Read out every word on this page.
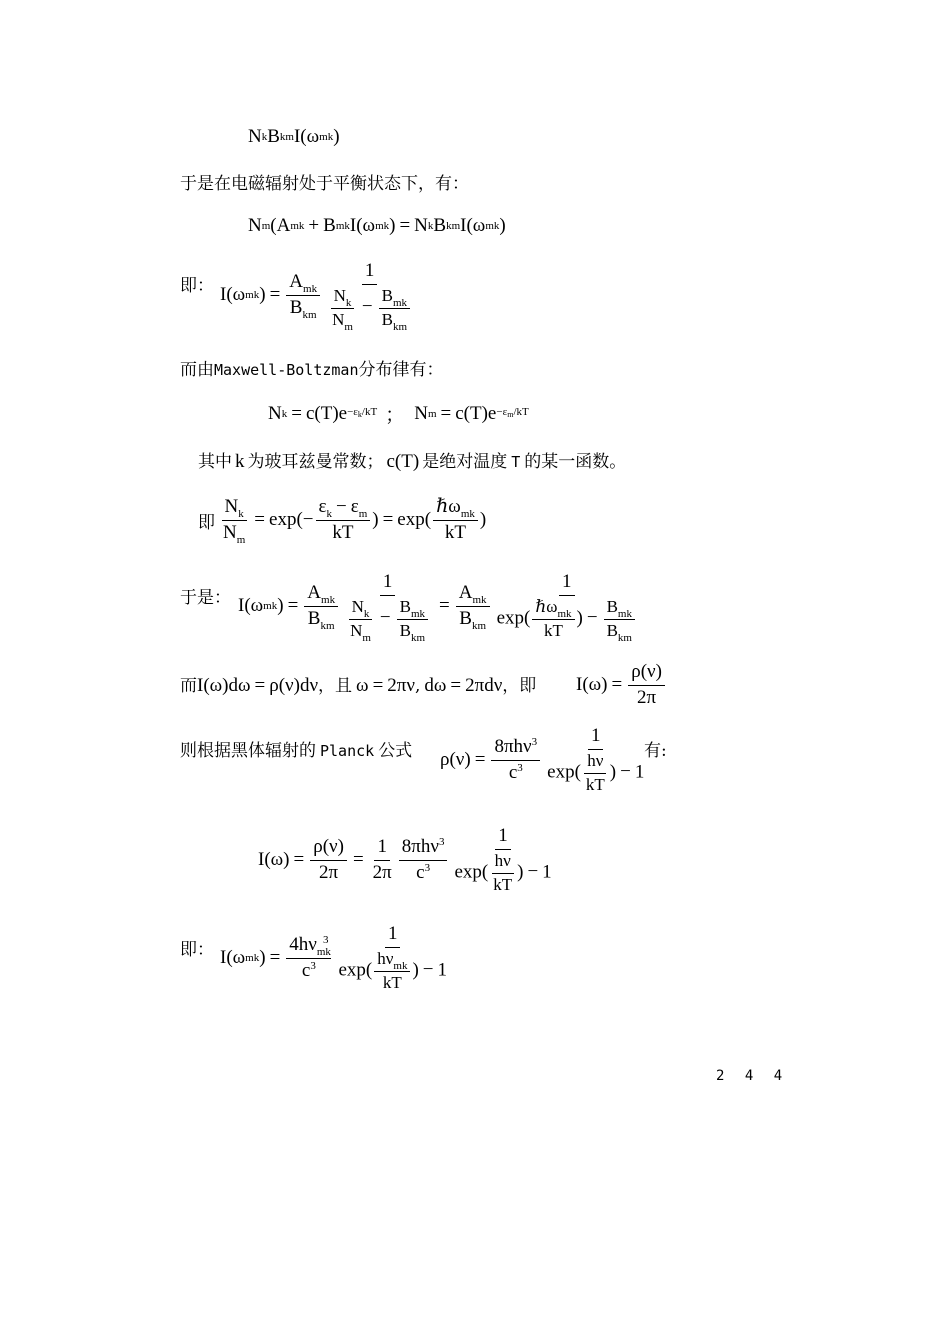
N k B km I(ω mk )
于是在电磁辐射处于平衡状态下，有：
N m (A mk + B mk I(ω mk ) = N k B km I(ω mk )
即： I(ω mk ) = $\frac{A_{mk}}{B_{km}} \frac{1}{\frac{N_k}{N_m} - \frac{B_{mk}}{B_{km}}}$
而由Maxwell-Boltzman分布律有：
N $k = c(T)e -\varepsilon_k/kT$ ； N $m = c(T)e -\varepsilon_m/kT$
其中 k 为玻耳兹曼常数； c(T) 是绝对温度 T 的某一函数。
即 $\frac{N_k}{N_m} = \exp(- \frac{\varepsilon_k - \varepsilon_m}{kT}$ ) = $\exp( \frac{\hbar\omega_{mk}}{kT}$ )
于是： I(ω mk ) = $\frac{A_{mk}}{B_{km}} \frac{1}{\frac{N_k}{N_m} - \frac{B_{mk}}{B_{km}}} = \frac{A_{mk}}{B_{km}} \frac{1}{\exp( \frac{\hbar\omega_{mk}}{kT} ) - \frac{B_{mk}}{B_{km}}}$
而I(ω)dω = ρ(ν)dν，且 ω = 2πν, dω = 2πdν，即 $I(\omega) = \frac{\rho(\nu)}{2\pi}$
则根据黑体辐射的 Planck 公式 $\rho(\nu) = \frac{8\pi h\nu^3}{c^3} \frac{1}{\exp( \frac{h\nu}{kT} ) - 1}$
有:
$I(\omega) = \frac{\rho(\nu)}{2\pi} = \frac{1}{2\pi} \frac{8\pi h\nu^3}{c^3} \frac{1}{\exp( \frac{h\nu}{kT} ) - 1}$
即： I(ω mk ) = $\frac{4h\nu_{mk}^3}{c^3} \frac{1}{\exp( \frac{h\nu_{mk}}{kT} ) - 1}$
2 4 4
